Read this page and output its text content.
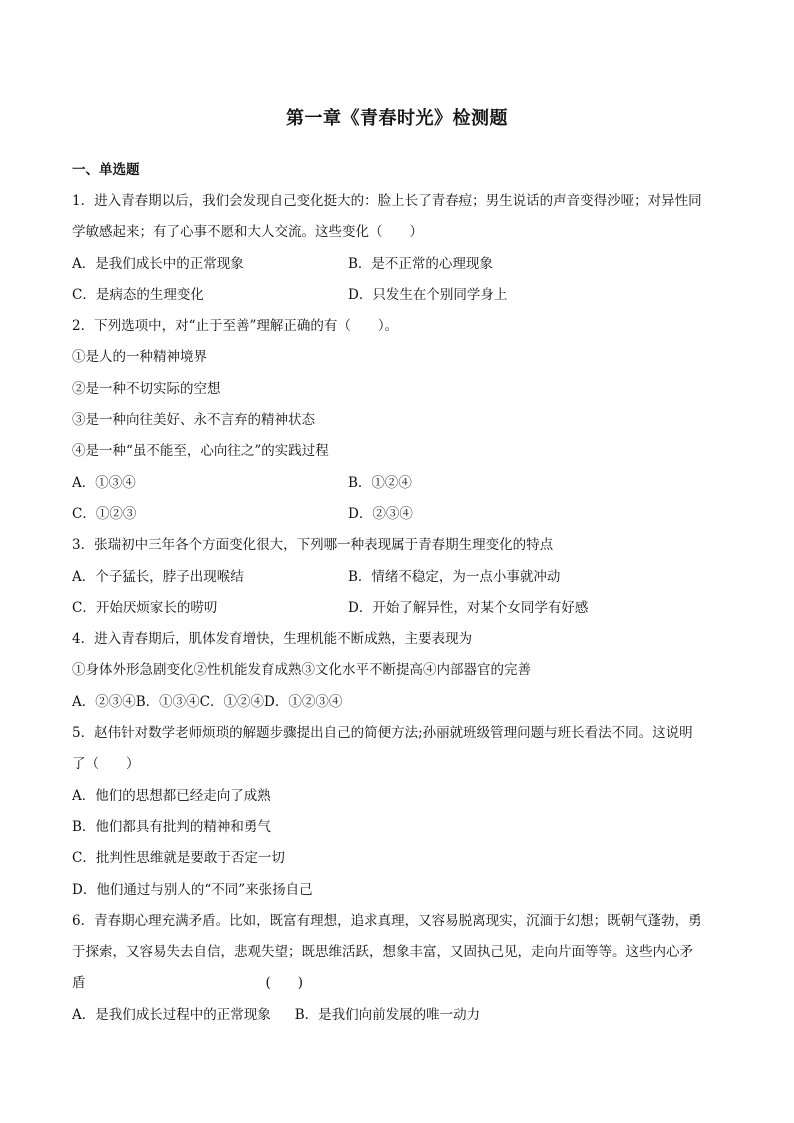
第一章《青春时光》检测题
一、单选题
1．进入青春期以后，我们会发现自己变化挺大的：脸上长了青春痘；男生说话的声音变得沙哑；对异性同
学敏感起来；有了心事不愿和大人交流。这些变化（　　）
A．是我们成长中的正常现象	B．是不正常的心理现象
C．是病态的生理变化	D．只发生在个别同学身上
2．下列选项中，对“止于至善”理解正确的有（　　）。
①是人的一种精神境界
②是一种不切实际的空想
③是一种向往美好、永不言弃的精神状态
④是一种“虽不能至，心向往之”的实践过程
A．①③④	B．①②④
C．①②③	D．②③④
3．张瑞初中三年各个方面变化很大，下列哪一种表现属于青春期生理变化的特点
A．个子猛长，脖子出现喉结	B．情绪不稳定，为一点小事就冲动
C．开始厌烦家长的唠叨	D．开始了解异性，对某个女同学有好感
4．进入青春期后，肌体发育增快，生理机能不断成熟，主要表现为
①身体外形急剧变化②性机能发育成熟③文化水平不断提高④内部器官的完善
A．②③④B．①③④C．①②④D．①②③④
5．赵伟针对数学老师烦琐的解题步骤提出自己的简便方法;孙丽就班级管理问题与班长看法不同。这说明
了（　　）
A．他们的思想都已经走向了成熟
B．他们都具有批判的精神和勇气
C．批判性思维就是要敢于否定一切
D．他们通过与别人的“不同”来张扬自己
6．青春期心理充满矛盾。比如，既富有理想，追求真理，又容易脱离现实，沉湎于幻想；既朝气蓬勃，勇
于探索，又容易失去自信，悲观失望；既思维活跃，想象丰富，又固执己见，走向片面等等。这些内心矛
盾	(　　)
A．是我们成长过程中的正常现象 B．是我们向前发展的唯一动力
